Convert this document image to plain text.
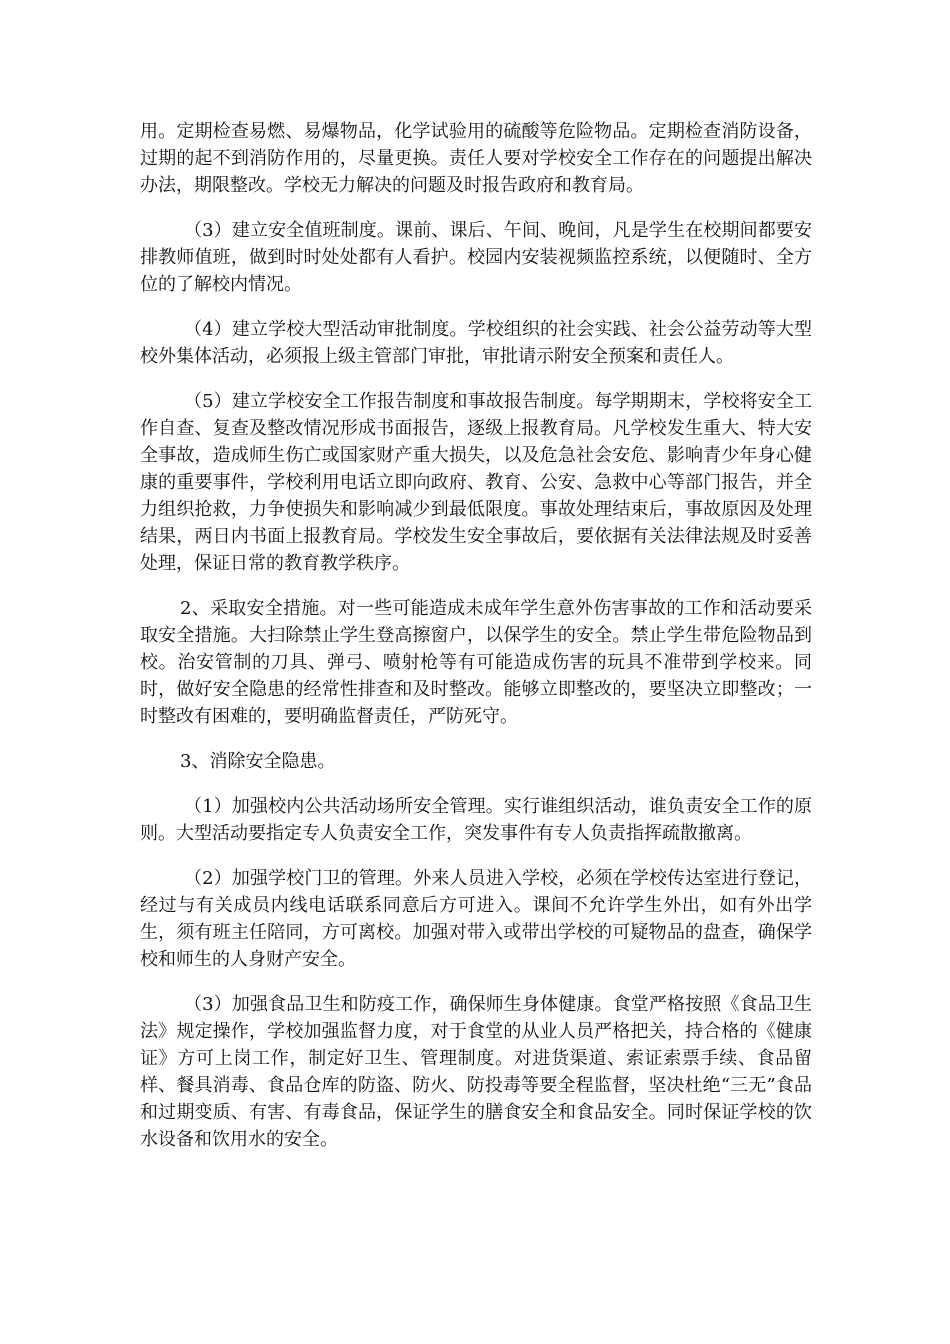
用。定期检查易燃、易爆物品，化学试验用的硫酸等危险物品。定期检查消防设备，过期的起不到消防作用的，尽量更换。责任人要对学校安全工作存在的问题提出解决办法，期限整改。学校无力解决的问题及时报告政府和教育局。

（3）建立安全值班制度。课前、课后、午间、晚间，凡是学生在校期间都要安排教师值班，做到时时处处都有人看护。校园内安装视频监控系统，以便随时、全方位的了解校内情况。

（4）建立学校大型活动审批制度。学校组织的社会实践、社会公益劳动等大型校外集体活动，必须报上级主管部门审批，审批请示附安全预案和责任人。

（5）建立学校安全工作报告制度和事故报告制度。每学期期末，学校将安全工作自查、复查及整改情况形成书面报告，逐级上报教育局。凡学校发生重大、特大安全事故，造成师生伤亡或国家财产重大损失，以及危急社会安危、影响青少年身心健康的重要事件，学校利用电话立即向政府、教育、公安、急救中心等部门报告，并全力组织抢救，力争使损失和影响减少到最低限度。事故处理结束后，事故原因及处理结果，两日内书面上报教育局。学校发生安全事故后，要依据有关法律法规及时妥善处理，保证日常的教育教学秩序。

2、采取安全措施。对一些可能造成未成年学生意外伤害事故的工作和活动要采取安全措施。大扫除禁止学生登高擦窗户，以保学生的安全。禁止学生带危险物品到校。治安管制的刀具、弹弓、喷射枪等有可能造成伤害的玩具不准带到学校来。同时，做好安全隐患的经常性排查和及时整改。能够立即整改的，要坚决立即整改；一时整改有困难的，要明确监督责任，严防死守。

3、消除安全隐患。

（1）加强校内公共活动场所安全管理。实行谁组织活动，谁负责安全工作的原则。大型活动要指定专人负责安全工作，突发事件有专人负责指挥疏散撤离。

（2）加强学校门卫的管理。外来人员进入学校，必须在学校传达室进行登记，经过与有关成员内线电话联系同意后方可进入。课间不允许学生外出，如有外出学生，须有班主任陪同，方可离校。加强对带入或带出学校的可疑物品的盘查，确保学校和师生的人身财产安全。

（3）加强食品卫生和防疫工作，确保师生身体健康。食堂严格按照《食品卫生法》规定操作，学校加强监督力度，对于食堂的从业人员严格把关，持合格的《健康证》方可上岗工作，制定好卫生、管理制度。对进货渠道、索证索票手续、食品留样、餐具消毒、食品仓库的防盗、防火、防投毒等要全程监督，坚决杜绝“三无”食品和过期变质、有害、有毒食品，保证学生的膳食安全和食品安全。同时保证学校的饮水设备和饮用水的安全。
